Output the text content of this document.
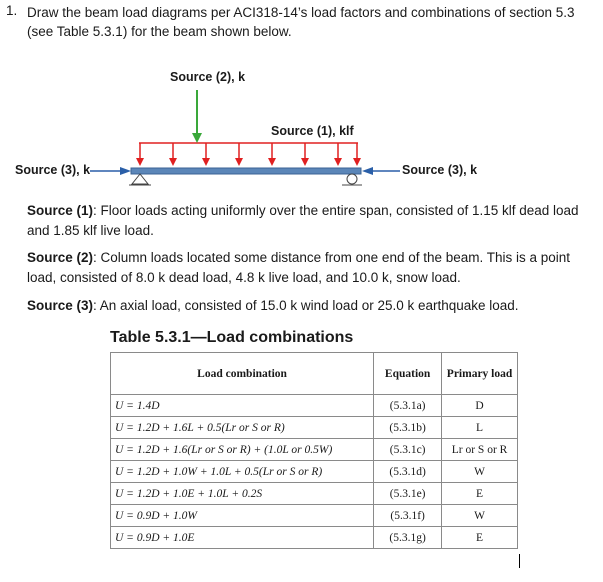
1. Draw the beam load diagrams per ACI318-14’s load factors and combinations of section 5.3 (see Table 5.3.1) for the beam shown below.
Source (2), k
Source (1), klf
Source (3), k	Source (3), k
Source (1): Floor loads acting uniformly over the entire span, consisted of 1.15 klf dead load and 1.85 klf live load.
Source (2): Column loads located some distance from one end of the beam. This is a point load, consisted of 8.0 k dead load, 4.8 k live load, and 10.0 k, snow load.
Source (3): An axial load, consisted of 15.0 k wind load or 25.0 k earthquake load.
Table 5.3.1—Load combinations
Load combination	Equation	Primary load
U = 1.4D	(5.3.1a)	D
U = 1.2D + 1.6L + 0.5(Lr or S or R)	(5.3.1b)	L
U = 1.2D + 1.6(Lr or S or R) + (1.0L or 0.5W)	(5.3.1c)	Lr or S or R
U = 1.2D + 1.0W + 1.0L + 0.5(Lr or S or R)	(5.3.1d)	W
U = 1.2D + 1.0E + 1.0L + 0.2S	(5.3.1e)	E
U = 0.9D + 1.0W	(5.3.1f)	W
U = 0.9D + 1.0E	(5.3.1g)	E
